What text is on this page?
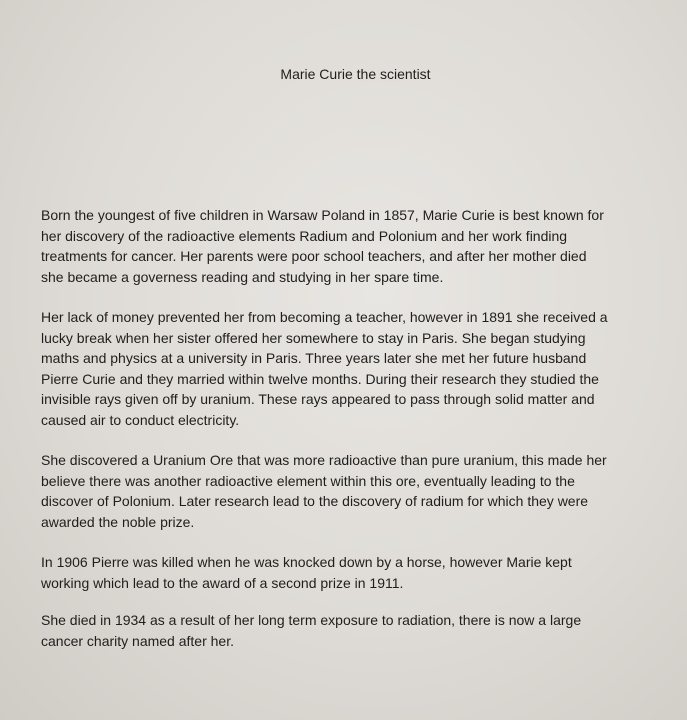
Marie Curie the scientist

Born the youngest of five children in Warsaw Poland in 1857, Marie Curie is best known for
her discovery of the radioactive elements Radium and Polonium and her work finding
treatments for cancer. Her parents were poor school teachers, and after her mother died
she became a governess reading and studying in her spare time.

Her lack of money prevented her from becoming a teacher, however in 1891 she received a
lucky break when her sister offered her somewhere to stay in Paris. She began studying
maths and physics at a university in Paris. Three years later she met her future husband
Pierre Curie and they married within twelve months. During their research they studied the
invisible rays given off by uranium. These rays appeared to pass through solid matter and
caused air to conduct electricity.

She discovered a Uranium Ore that was more radioactive than pure uranium, this made her
believe there was another radioactive element within this ore, eventually leading to the
discover of Polonium. Later research lead to the discovery of radium for which they were
awarded the noble prize.

In 1906 Pierre was killed when he was knocked down by a horse, however Marie kept
working which lead to the award of a second prize in 1911.

She died in 1934 as a result of her long term exposure to radiation, there is now a large
cancer charity named after her.
